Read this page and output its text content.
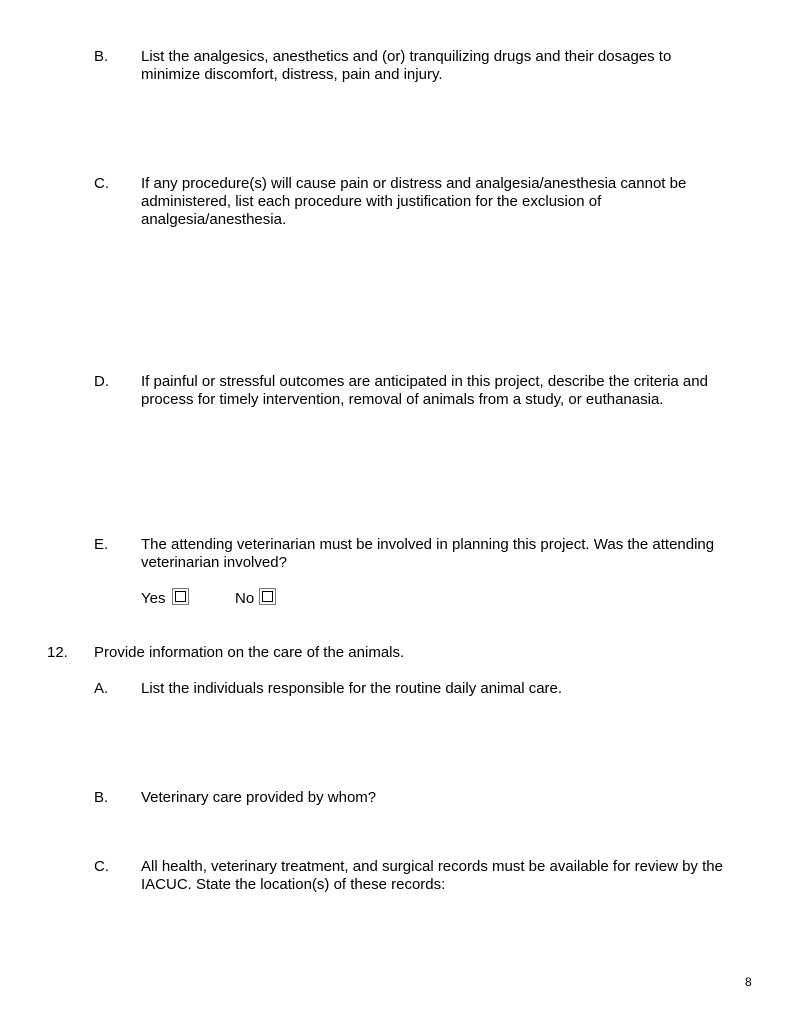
B. List the analgesics, anesthetics and (or) tranquilizing drugs and their dosages to
minimize discomfort, distress, pain and injury.
C. If any procedure(s) will cause pain or distress and analgesia/anesthesia cannot be
administered, list each procedure with justification for the exclusion of
analgesia/anesthesia.
D. If painful or stressful outcomes are anticipated in this project, describe the criteria and
process for timely intervention, removal of animals from a study, or euthanasia.
E. The attending veterinarian must be involved in planning this project. Was the attending
veterinarian involved?
Yes	No
12. Provide information on the care of the animals.
A. List the individuals responsible for the routine daily animal care.
B. Veterinary care provided by whom?
C. All health, veterinary treatment, and surgical records must be available for review by the
IACUC. State the location(s) of these records:
8
